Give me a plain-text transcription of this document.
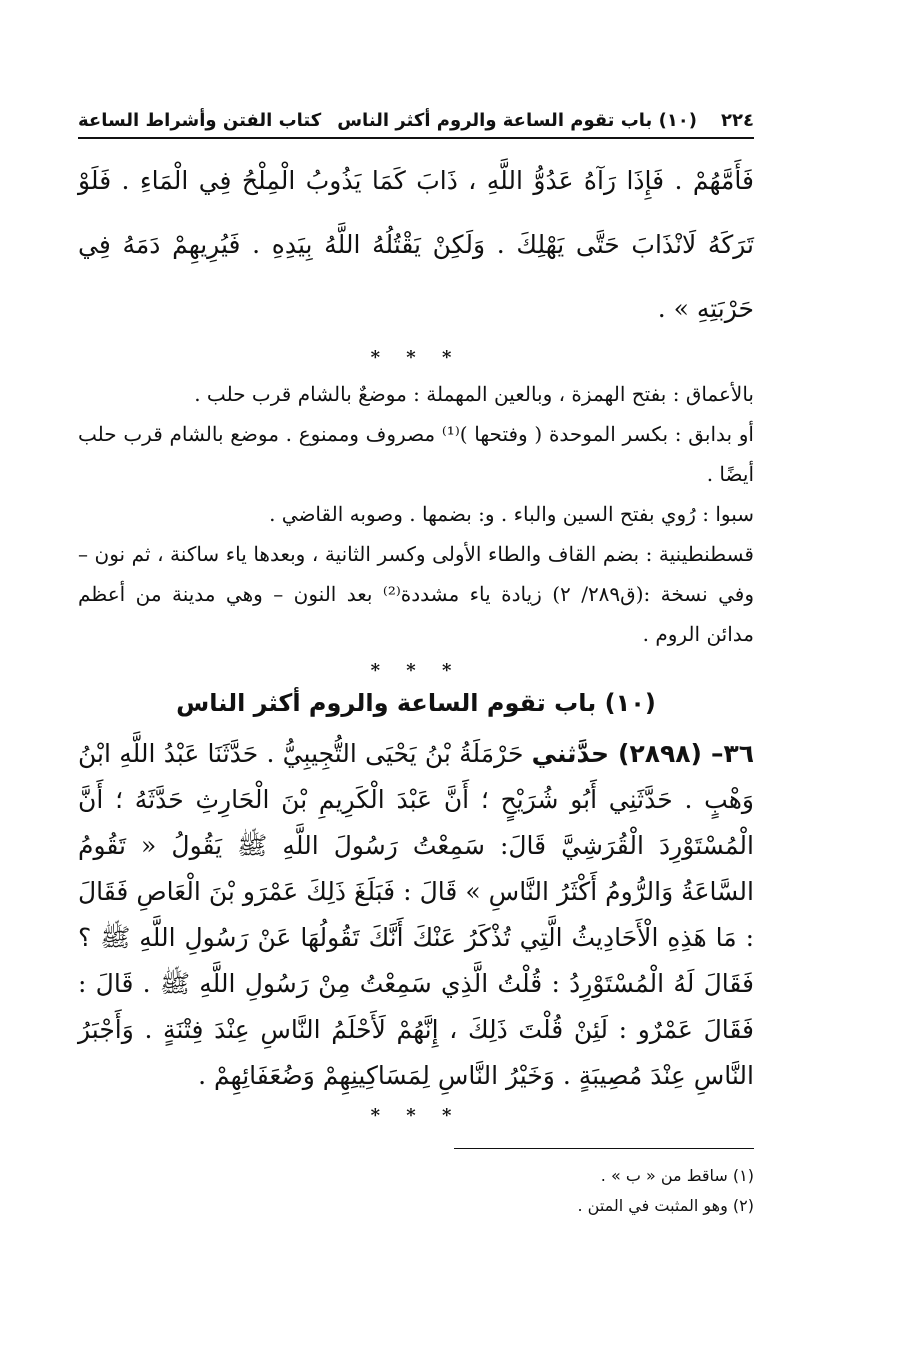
٢٢٤
(١٠) باب تقوم الساعة والروم أكثر الناس
كتاب الفتن وأشراط الساعة
فَأَمَّهُمْ . فَإِذَا رَآهُ عَدُوُّ اللَّهِ ، ذَابَ كَمَا يَذُوبُ الْمِلْحُ فِي الْمَاءِ . فَلَوْ تَرَكَهُ لَانْذَابَ حَتَّى يَهْلِكَ . وَلَكِنْ يَقْتُلُهُ اللَّهُ بِيَدِهِ . فَيُرِيهِمْ دَمَهُ فِي حَرْبَتِهِ » .
* * *

بالأعماق : بفتح الهمزة ، وبالعين المهملة : موضعٌ بالشام قرب حلب .

أو بدابق : بكسر الموحدة ( وفتحها )⁽¹⁾ مصروف وممنوع . موضع بالشام قرب حلب أيضًا .

سبوا : رُوي بفتح السين والباء . و: بضمها . وصوبه القاضي .

قسطنطينية : بضم القاف والطاء الأولى وكسر الثانية ، وبعدها ياء ساكنة ، ثم نون –وفي نسخة :(ق٢٨٩/ ٢) زيادة ياء مشددة⁽²⁾ بعد النون – وهي مدينة من أعظم مدائن الروم .

* * *
(١٠) باب تقوم الساعة والروم أكثر الناس
٣٦– (٢٨٩٨) حدَّثني حَرْمَلَةُ بْنُ يَحْيَى التُّجِيبِيُّ . حَدَّثَنَا عَبْدُ اللَّهِ ابْنُ وَهْبٍ . حَدَّثَنِي أَبُو شُرَيْحٍ ؛ أَنَّ عَبْدَ الْكَرِيمِ بْنَ الْحَارِثِ حَدَّثَهُ ؛ أَنَّ الْمُسْتَوْرِدَ الْقُرَشِيَّ قَالَ: سَمِعْتُ رَسُولَ اللَّهِ ﷺ يَقُولُ « تَقُومُ السَّاعَةُ وَالرُّومُ أَكْثَرُ النَّاسِ » قَالَ : فَبَلَغَ ذَلِكَ عَمْرَو بْنَ الْعَاصِ فَقَالَ : مَا هَذِهِ الْأَحَادِيثُ الَّتِي تُذْكَرُ عَنْكَ أَنَّكَ تَقُولُهَا عَنْ رَسُولِ اللَّهِ ﷺ ؟ فَقَالَ لَهُ الْمُسْتَوْرِدُ : قُلْتُ الَّذِي سَمِعْتُ مِنْ رَسُولِ اللَّهِ ﷺ . قَالَ : فَقَالَ عَمْرٌو : لَئِنْ قُلْتَ ذَلِكَ ، إِنَّهُمْ لَأَحْلَمُ النَّاسِ عِنْدَ فِتْنَةٍ . وَأَجْبَرُ النَّاسِ عِنْدَ مُصِيبَةٍ . وَخَيْرُ النَّاسِ لِمَسَاكِينِهِمْ وَضُعَفَائِهِمْ .
* * *

(١) ساقط من « ب » .

(٢) وهو المثبت في المتن .
